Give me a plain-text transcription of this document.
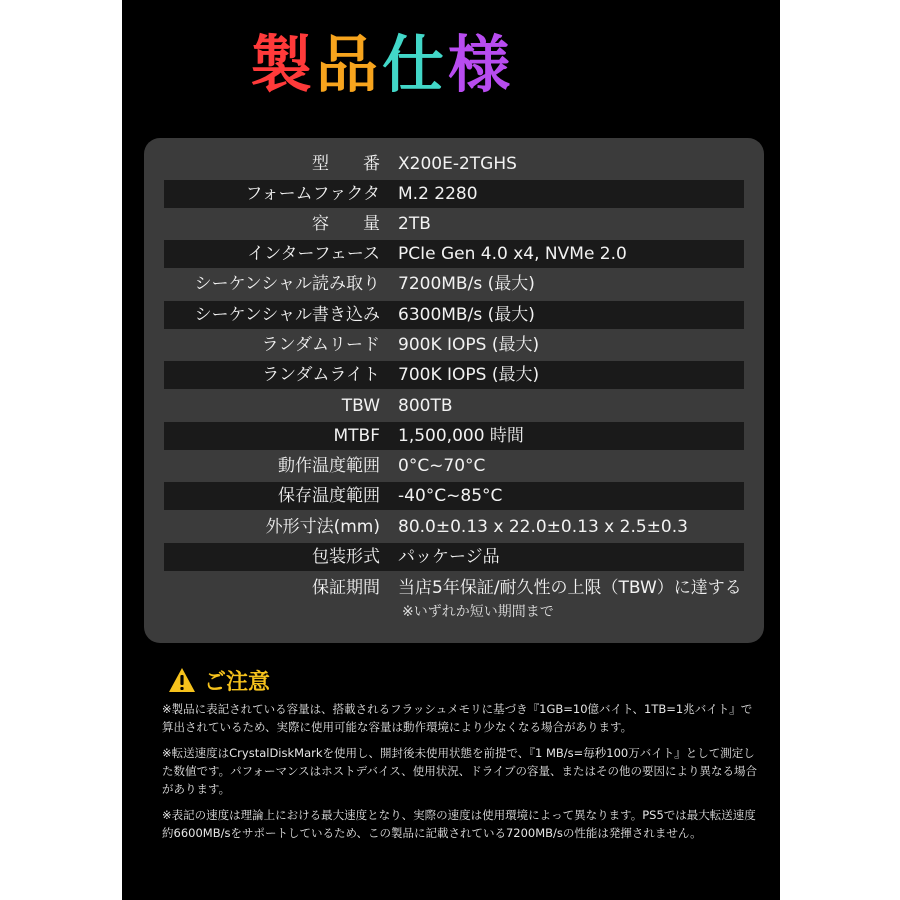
製品仕様
型　　番 X200E-2TGHS
フォームファクタ M.2 2280
容　　量 2TB
インターフェース PCIe Gen 4.0 x4, NVMe 2.0
シーケンシャル読み取り 7200MB/s (最大)
シーケンシャル書き込み 6300MB/s (最大)
ランダムリード 900K IOPS (最大)
ランダムライト 700K IOPS (最大)
TBW 800TB
MTBF 1,500,000 時間
動作温度範囲 0°C~70°C
保存温度範囲 -40°C~85°C
外形寸法(mm) 80.0±0.13 x 22.0±0.13 x 2.5±0.3
包装形式 パッケージ品
保証期間 当店5年保証/耐久性の上限（TBW）に達する
※いずれか短い期間まで
ご注意

※製品に表記されている容量は、搭載されるフラッシュメモリに基づき『1GB=10億バイト、1TB=1兆バイト』で算出されているため、実際に使用可能な容量は動作環境により少なくなる場合があります。

※転送速度はCrystalDiskMarkを使用し、開封後未使用状態を前提で、『1 MB/s=毎秒100万バイト』として測定した数値です。パフォーマンスはホストデバイス、使用状況、ドライブの容量、またはその他の要因により異なる場合があります。

※表記の速度は理論上における最大速度となり、実際の速度は使用環境によって異なります。PS5では最大転送速度約6600MB/sをサポートしているため、この製品に記載されている7200MB/sの性能は発揮されません。
